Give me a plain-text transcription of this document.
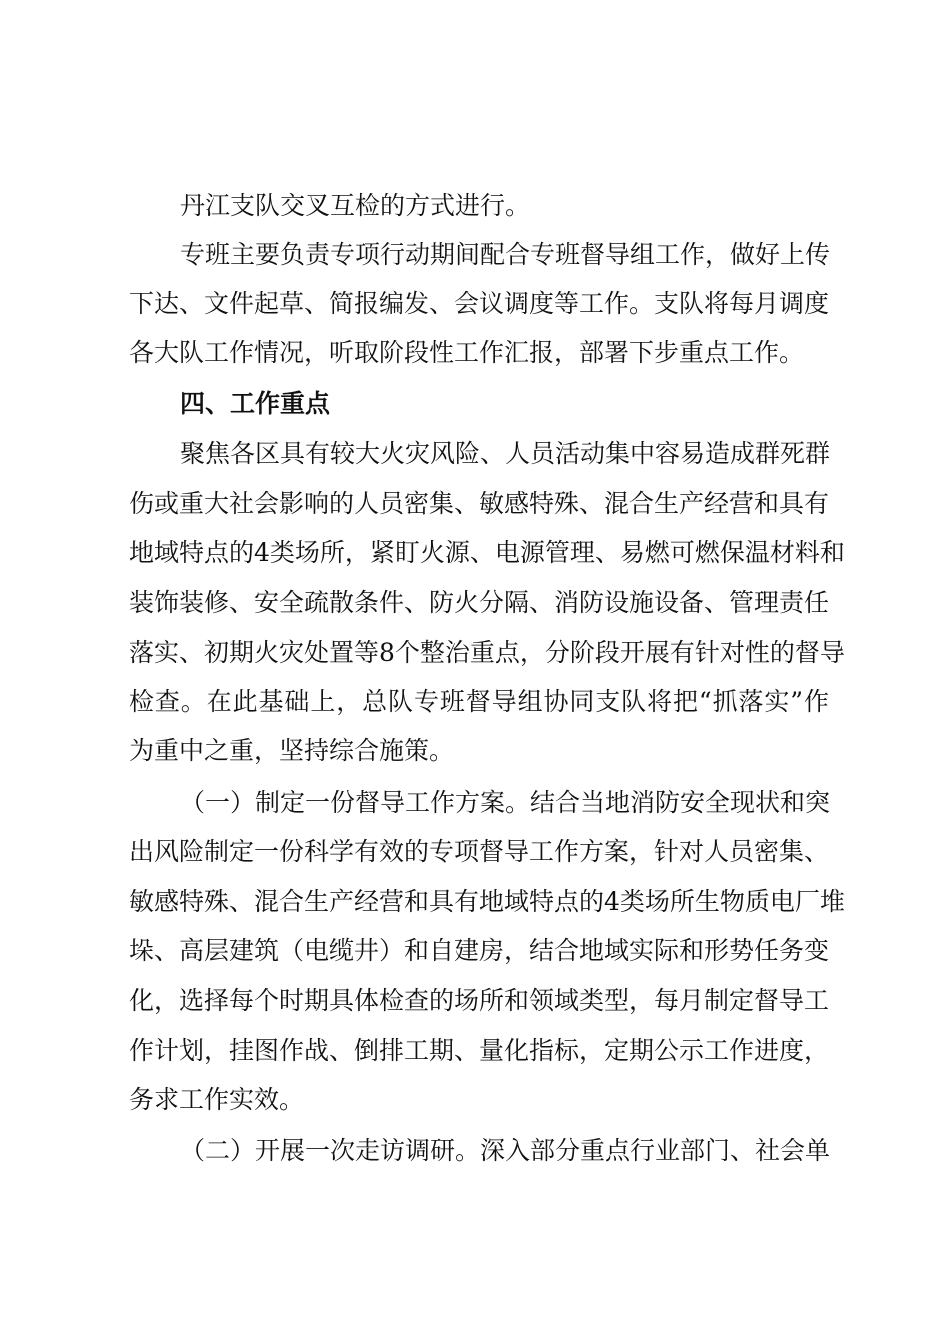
丹江支队交叉互检的方式进行。
专班主要负责专项行动期间配合专班督导组工作，做好上传
下达、文件起草、简报编发、会议调度等工作。支队将每月调度
各大队工作情况，听取阶段性工作汇报，部署下步重点工作。
四、工作重点
聚焦各区具有较大火灾风险、人员活动集中容易造成群死群
伤或重大社会影响的人员密集、敏感特殊、混合生产经营和具有
地域特点的4类场所，紧盯火源、电源管理、易燃可燃保温材料和
装饰装修、安全疏散条件、防火分隔、消防设施设备、管理责任
落实、初期火灾处置等8个整治重点，分阶段开展有针对性的督导
检查。在此基础上，总队专班督导组协同支队将把“抓落实”作
为重中之重，坚持综合施策。
（一）制定一份督导工作方案。结合当地消防安全现状和突
出风险制定一份科学有效的专项督导工作方案，针对人员密集、
敏感特殊、混合生产经营和具有地域特点的4类场所生物质电厂堆
垛、高层建筑（电缆井）和自建房，结合地域实际和形势任务变
化，选择每个时期具体检查的场所和领域类型，每月制定督导工
作计划，挂图作战、倒排工期、量化指标，定期公示工作进度，
务求工作实效。
（二）开展一次走访调研。深入部分重点行业部门、社会单
